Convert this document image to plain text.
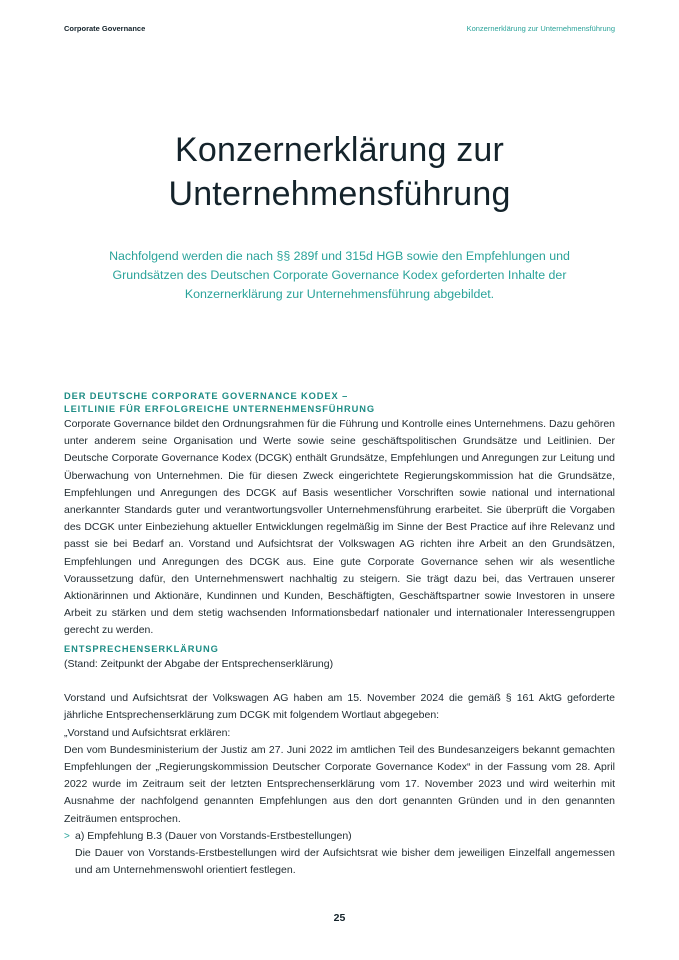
Corporate Governance	Konzernerklärung zur Unternehmensführung
Konzernerklärung zur
Unternehmensführung

Nachfolgend werden die nach §§ 289f und 315d HGB sowie den Empfehlungen und Grundsätzen des Deutschen Corporate Governance Kodex geforderten Inhalte der Konzernerklärung zur Unternehmensführung abgebildet.

DER DEUTSCHE CORPORATE GOVERNANCE KODEX –
LEITLINIE FÜR ERFOLGREICHE UNTERNEHMENSFÜHRUNG

Corporate Governance bildet den Ordnungsrahmen für die Führung und Kontrolle eines Unternehmens. Dazu gehören unter anderem seine Organisation und Werte sowie seine geschäftspolitischen Grundsätze und Leitlinien. Der Deutsche Corporate Governance Kodex (DCGK) enthält Grundsätze, Empfehlungen und Anregungen zur Leitung und Überwachung von Unternehmen. Die für diesen Zweck eingerichtete Regierungskommission hat die Grundsätze, Empfehlungen und Anregungen des DCGK auf Basis wesentlicher Vorschriften sowie national und international anerkannter Standards guter und verantwortungsvoller Unternehmensführung erarbeitet. Sie überprüft die Vorgaben des DCGK unter Einbeziehung aktueller Entwicklungen regelmäßig im Sinne der Best Practice auf ihre Relevanz und passt sie bei Bedarf an. Vorstand und Aufsichtsrat der Volkswagen AG richten ihre Arbeit an den Grundsätzen, Empfehlungen und Anregungen des DCGK aus. Eine gute Corporate Governance sehen wir als wesentliche Voraussetzung dafür, den Unternehmenswert nachhaltig zu steigern. Sie trägt dazu bei, das Vertrauen unserer Aktionärinnen und Aktionäre, Kundinnen und Kunden, Beschäftigten, Geschäftspartner sowie Investoren in unsere Arbeit zu stärken und dem stetig wachsenden Informationsbedarf nationaler und internationaler Interessengruppen gerecht zu werden.

ENTSPRECHENSERKLÄRUNG

(Stand: Zeitpunkt der Abgabe der Entsprechenserklärung)

Vorstand und Aufsichtsrat der Volkswagen AG haben am 15. November 2024 die gemäß § 161 AktG geforderte jährliche Entsprechenserklärung zum DCGK mit folgendem Wortlaut abgegeben:

„Vorstand und Aufsichtsrat erklären:

Den vom Bundesministerium der Justiz am 27. Juni 2022 im amtlichen Teil des Bundesanzeigers bekannt gemachten Empfehlungen der „Regierungskommission Deutscher Corporate Governance Kodex“ in der Fassung vom 28. April 2022 wurde im Zeitraum seit der letzten Entsprechenserklärung vom 17. November 2023 und wird weiterhin mit Ausnahme der nachfolgend genannten Empfehlungen aus den dort genannten Gründen und in den genannten Zeiträumen entsprochen.

> a) Empfehlung B.3 (Dauer von Vorstands-Erstbestellungen)
Die Dauer von Vorstands-Erstbestellungen wird der Aufsichtsrat wie bisher dem jeweiligen Einzelfall angemessen und am Unternehmenswohl orientiert festlegen.
25
